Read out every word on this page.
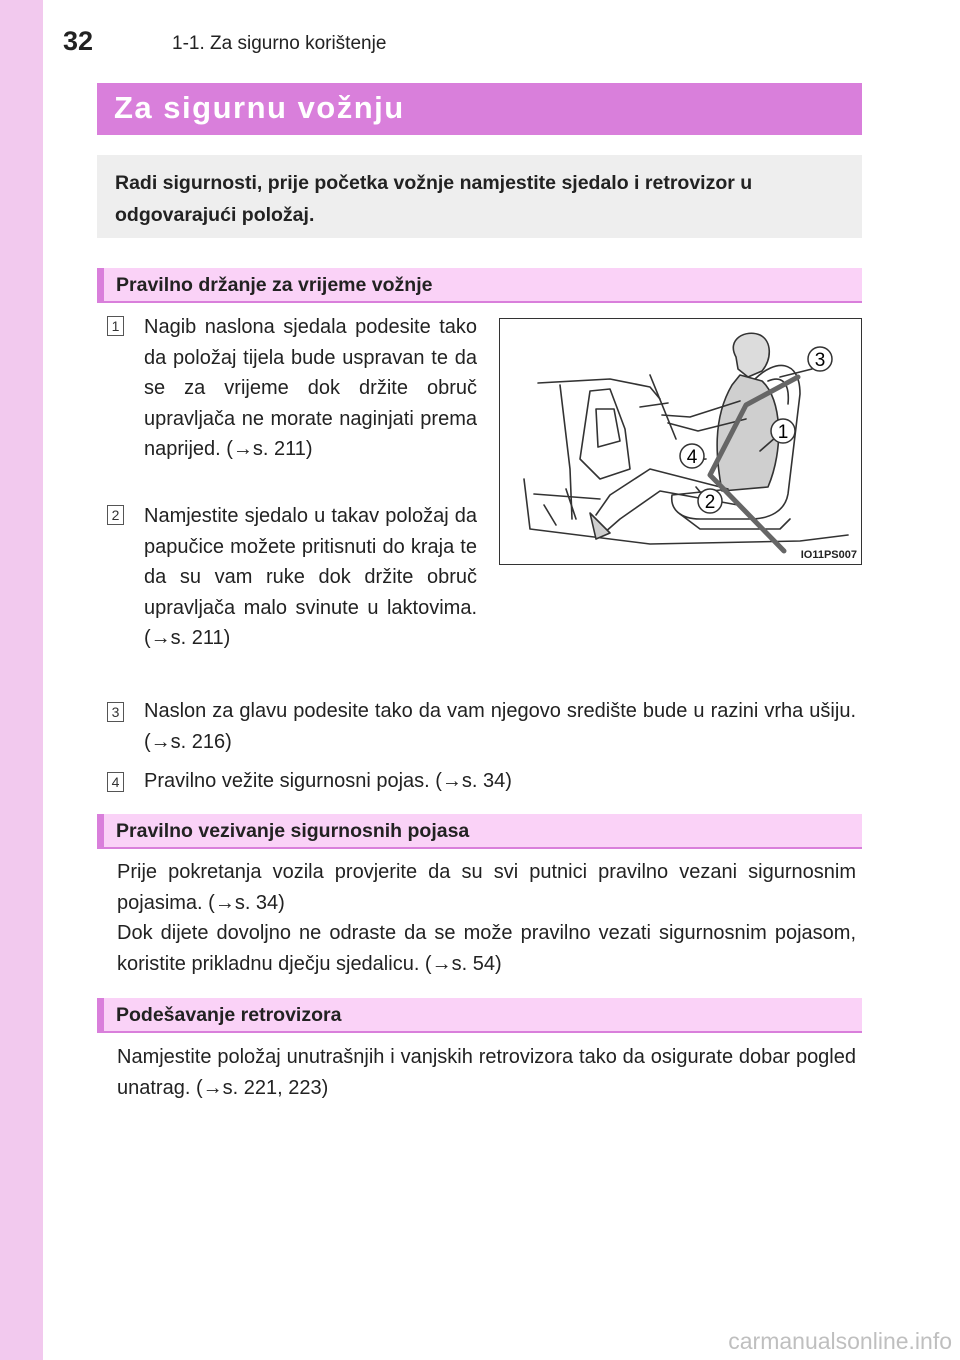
32	1-1. Za sigurno korištenje
Za sigurnu vožnju
Radi sigurnosti, prije početka vožnje namjestite sjedalo i retrovizor u odgovarajući položaj.
Pravilno držanje za vrijeme vožnje
1 Nagib naslona sjedala podesite tako da položaj tijela bude uspravan te da se za vrijeme dok držite obruč upravljača ne morate naginjati prema naprijed. (→s. 211)
2 Namjestite sjedalo u takav položaj da papučice možete pritisnuti do kraja te da su vam ruke dok držite obruč upravljača malo svinute u laktovima. (→s. 211)
3
1
4
2
IO11PS007
3 Naslon za glavu podesite tako da vam njegovo središte bude u razini vrha ušiju. (→s. 216)
4 Pravilno vežite sigurnosni pojas. (→s. 34)
Pravilno vezivanje sigurnosnih pojasa
Prije pokretanja vozila provjerite da su svi putnici pravilno vezani sigurnosnim pojasima. (→s. 34)
Dok dijete dovoljno ne odraste da se može pravilno vezati sigurnosnim pojasom, koristite prikladnu dječju sjedalicu. (→s. 54)
Podešavanje retrovizora
Namjestite položaj unutrašnjih i vanjskih retrovizora tako da osigurate dobar pogled unatrag. (→s. 221, 223)
carmanualsonline.info
